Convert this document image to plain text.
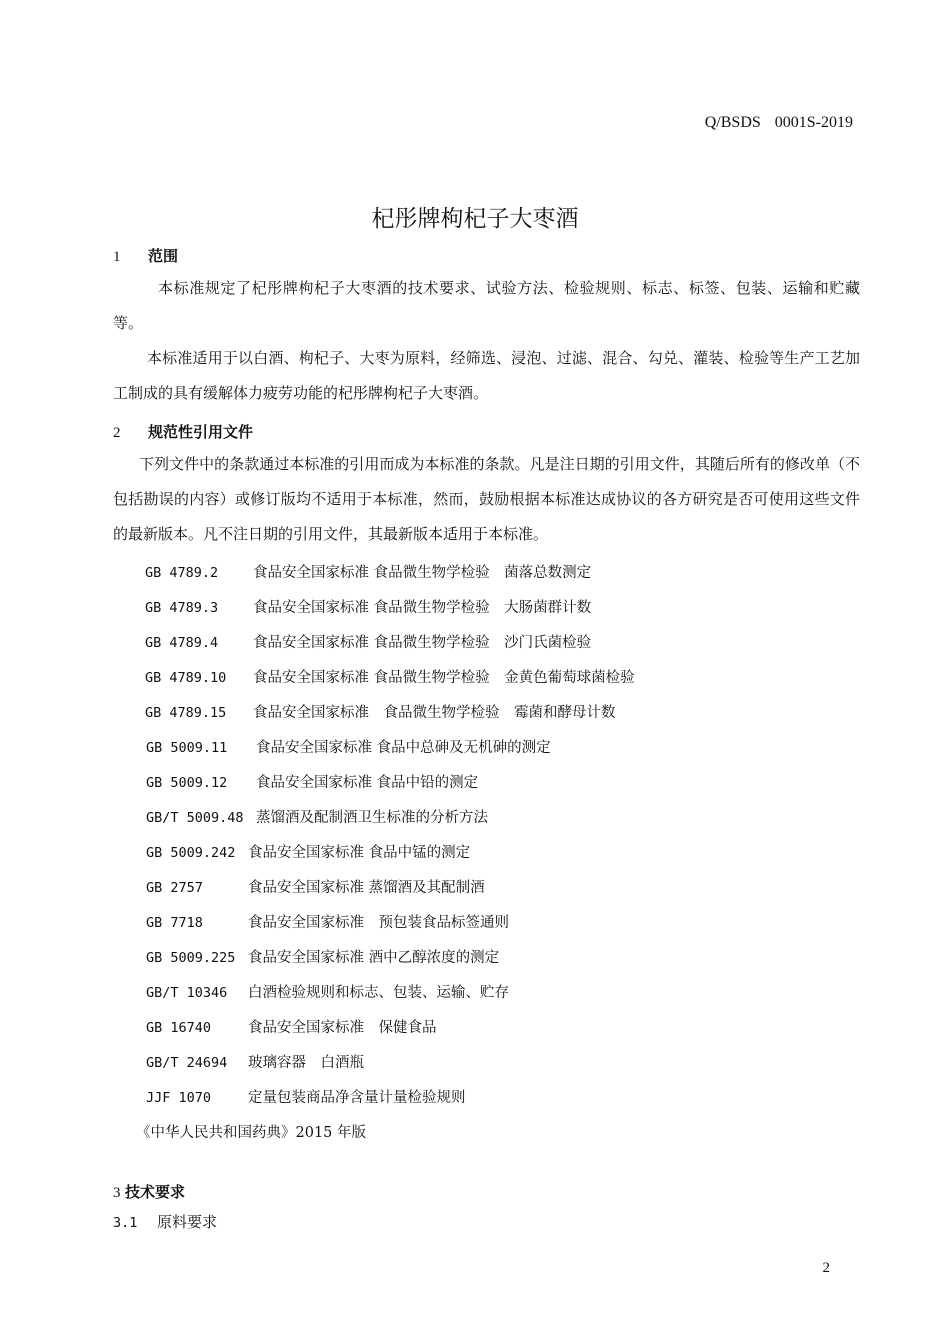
Q/BSDS 0001S-2019
杞彤牌枸杞子大枣酒
1 范围
本标准规定了杞彤牌枸杞子大枣酒的技术要求、试验方法、检验规则、标志、标签、包装、运输和贮藏等。
本标准适用于以白酒、枸杞子、大枣为原料，经筛选、浸泡、过滤、混合、勾兑、灌装、检验等生产工艺加工制成的具有缓解体力疲劳功能的杞彤牌枸杞子大枣酒。
2 规范性引用文件
下列文件中的条款通过本标准的引用而成为本标准的条款。凡是注日期的引用文件，其随后所有的修改单（不包括勘误的内容）或修订版均不适用于本标准，然而，鼓励根据本标准达成协议的各方研究是否可使用这些文件的最新版本。凡不注日期的引用文件，其最新版本适用于本标准。
GB 4789.2 食品安全国家标准 食品微生物学检验　菌落总数测定
GB 4789.3 食品安全国家标准 食品微生物学检验　大肠菌群计数
GB 4789.4 食品安全国家标准 食品微生物学检验　沙门氏菌检验
GB 4789.10 食品安全国家标准 食品微生物学检验　金黄色葡萄球菌检验
GB 4789.15 食品安全国家标准　食品微生物学检验　霉菌和酵母计数
GB 5009.11 食品安全国家标准 食品中总砷及无机砷的测定
GB 5009.12 食品安全国家标准 食品中铅的测定
GB/T 5009.48 蒸馏酒及配制酒卫生标准的分析方法
GB 5009.242 食品安全国家标准 食品中锰的测定
GB 2757	食品安全国家标准 蒸馏酒及其配制酒
GB 7718	食品安全国家标准　预包装食品标签通则
GB 5009.225 食品安全国家标准 酒中乙醇浓度的测定
GB/T 10346 白酒检验规则和标志、包装、运输、贮存
GB 16740	食品安全国家标准　保健食品
GB/T 24694 玻璃容器　白酒瓶
JJF 1070	定量包装商品净含量计量检验规则
《中华人民共和国药典》2015 年版
3 技术要求
3.1 原料要求
2
